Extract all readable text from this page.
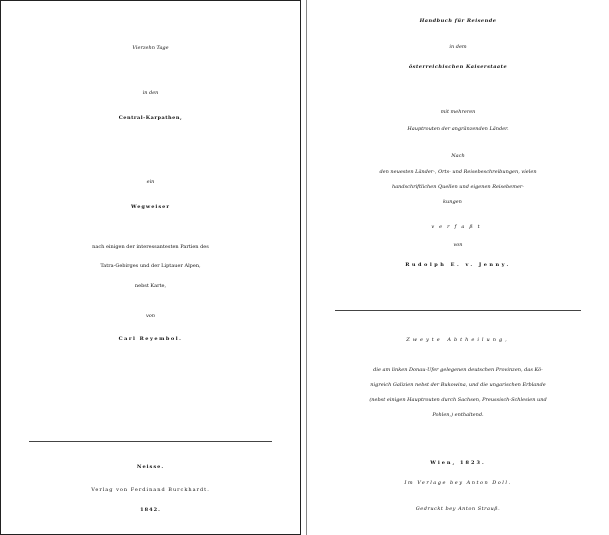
Vierzehn Tage
in den
Central-Karpathen,
ein
Wegweiser
nach einigen der interessantesten Partien des
Tatra-Gebirges und der Liptauer Alpen,
nebst Karte,
von
Carl Reyembol.
Neisse.
Verlag von Ferdinand Burckhardt.
1842.
Handbuch für Reisende
in dem
österreichischen Kaiserstaate
mit mehreren
Hauptrouten der angränzenden Länder.
Nach
den neuesten Länder-, Orts- und Reisebeschreibungen, vielen
handschriftlichen Quellen und eigenen Reisebemer-
kungen
verfaßt
von
Rudolph E. v. Jenny.
Zweyte Abtheilung,
die am linken Donau-Ufer gelegenen deutschen Provinzen, das Kö-
nigreich Galizien nebst der Bukowina, und die ungarischen Erblande
(nebst einigen Hauptrouten durch Sachsen, Preussisch-Schlesien und
Pohlen,) enthaltend.
Wien, 1823.
Im Verlage bey Anton Doll.
Gedruckt bey Anton Strauß.
